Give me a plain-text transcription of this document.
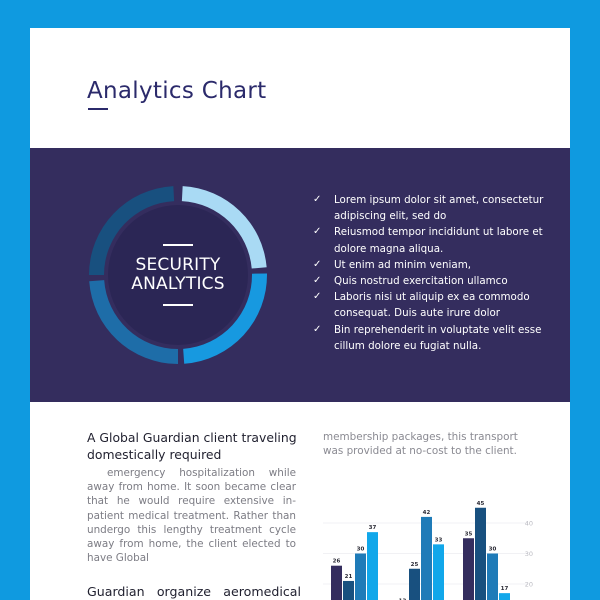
Analytics Chart
SECURITY
ANALYTICS
✓ Lorem ipsum dolor sit amet, consectetur adipiscing elit, sed do
✓ Reiusmod tempor incididunt ut labore et dolore magna aliqua.
✓ Ut enim ad minim veniam,
✓ Quis nostrud exercitation ullamco
✓ Laboris nisi ut aliquip ex ea commodo consequat. Duis aute irure dolor
✓ Bin reprehenderit in voluptate velit esse cillum dolore eu fugiat nulla.
A Global Guardian client traveling domestically required

emergency hospitalization while away from home. It soon became clear that he would require extensive in-patient medical treatment. Rather than undergo this lengthy treatment cycle away from home, the client elected to have Global

Guardian organize aeromedical

membership packages, this transport was provided at no-cost to the client.

20
30
40
26
21
30
37
25
42
33
35
45
30
17
